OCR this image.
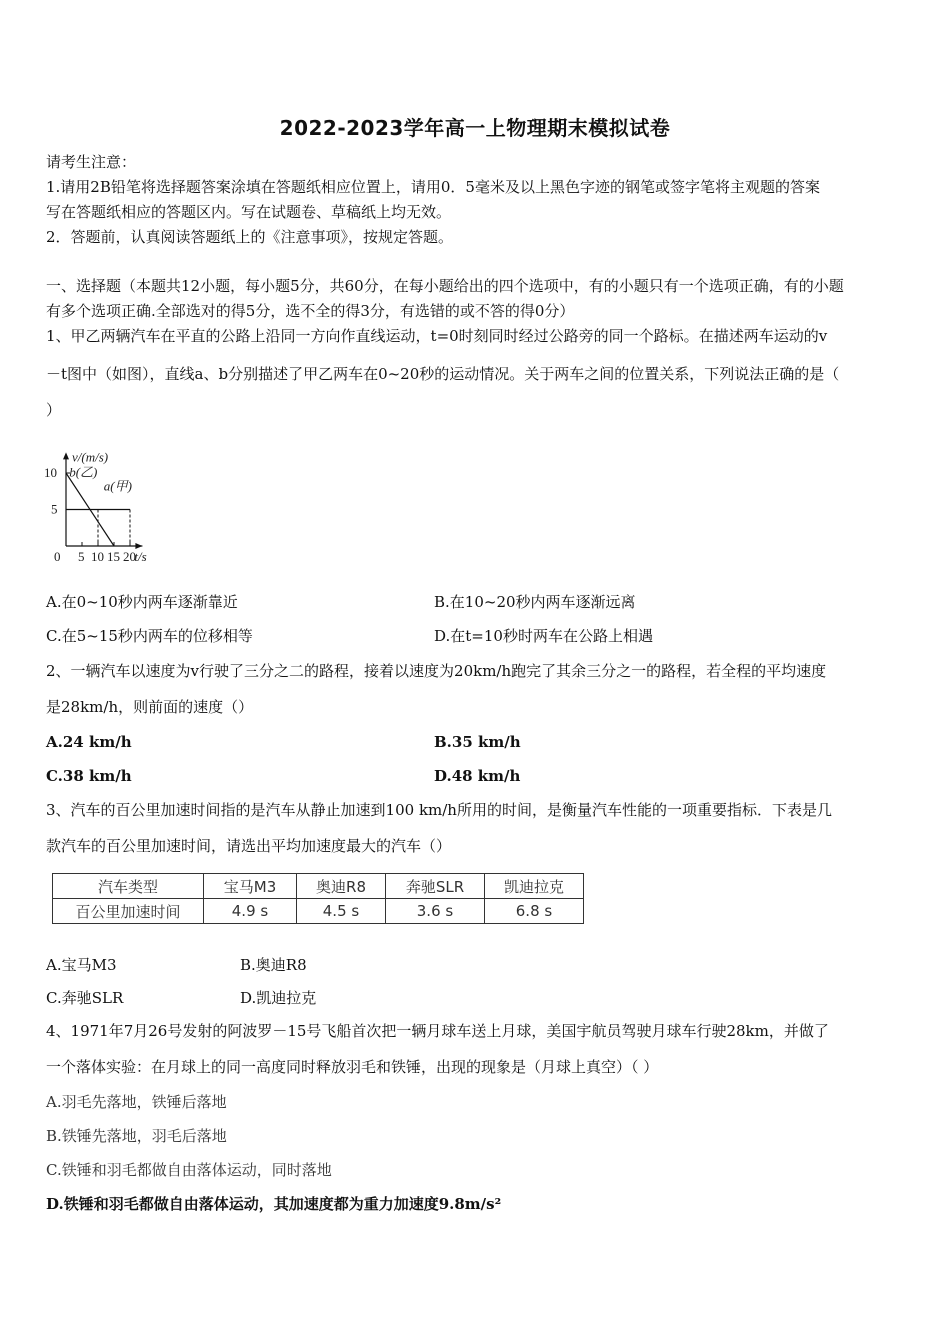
2022-2023学年高一上物理期末模拟试卷
请考生注意：
1.请用2B铅笔将选择题答案涂填在答题纸相应位置上，请用0．5毫米及以上黑色字迹的钢笔或签字笔将主观题的答案
写在答题纸相应的答题区内。写在试题卷、草稿纸上均无效。
2．答题前，认真阅读答题纸上的《注意事项》，按规定答题。
一、选择题（本题共12小题，每小题5分，共60分，在每小题给出的四个选项中，有的小题只有一个选项正确，有的小题
有多个选项正确.全部选对的得5分，选不全的得3分，有选错的或不答的得0分）
1、甲乙两辆汽车在平直的公路上沿同一方向作直线运动，t=0时刻同时经过公路旁的同一个路标。在描述两车运动的v
－t图中（如图），直线a、b分别描述了甲乙两车在0~20秒的运动情况。关于两车之间的位置关系，下列说法正确的是（
）
v/(m/s)
t/s
0 5 10 15 20
5
10
a(甲)
b(乙)
A.在0~10秒内两车逐渐靠近	B.在10~20秒内两车逐渐远离
C.在5~15秒内两车的位移相等	D.在t=10秒时两车在公路上相遇
2、一辆汽车以速度为v行驶了三分之二的路程，接着以速度为20km/h跑完了其余三分之一的路程，若全程的平均速度
是28km/h，则前面的速度（）
A.24 km/h	B.35 km/h
C.38 km/h	D.48 km/h
3、汽车的百公里加速时间指的是汽车从静止加速到100 km/h所用的时间，是衡量汽车性能的一项重要指标．下表是几
款汽车的百公里加速时间，请选出平均加速度最大的汽车（）
汽车类型	宝马M3	奥迪R8	奔驰SLR	凯迪拉克
百公里加速时间	4.9 s	4.5 s	3.6 s	6.8 s
A.宝马M3	B.奥迪R8
C.奔驰SLR	D.凯迪拉克
4、1971年7月26号发射的阿波罗－15号飞船首次把一辆月球车送上月球，美国宇航员驾驶月球车行驶28km，并做了
一个落体实验：在月球上的同一高度同时释放羽毛和铁锤，出现的现象是（月球上真空）（ ）
A.羽毛先落地，铁锤后落地
B.铁锤先落地，羽毛后落地
C.铁锤和羽毛都做自由落体运动，同时落地
D.铁锤和羽毛都做自由落体运动，其加速度都为重力加速度9.8m/s²
